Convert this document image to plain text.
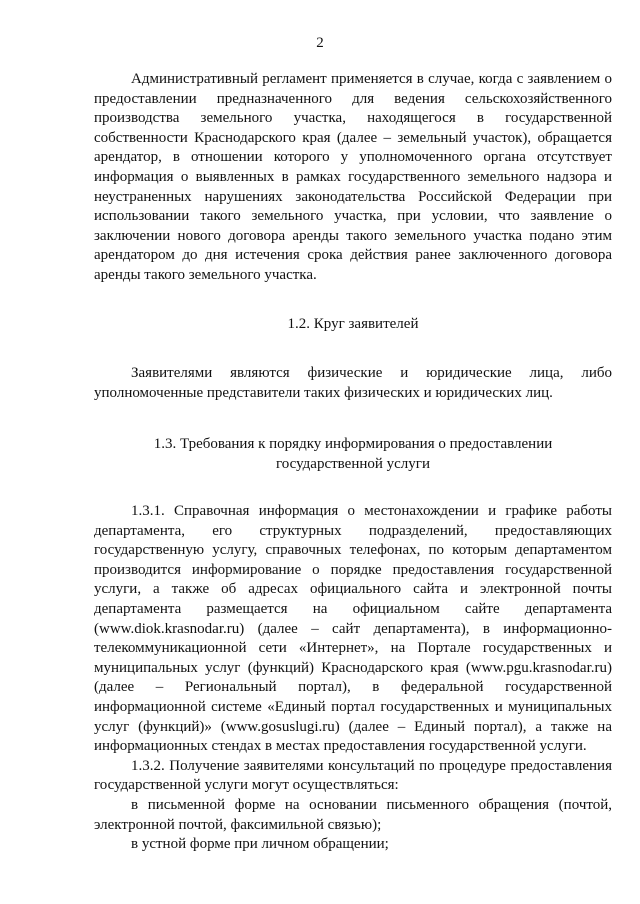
2

Административный регламент применяется в случае, когда с заявлением о предоставлении предназначенного для ведения сельскохозяйственного производства земельного участка, находящегося в государственной собственности Краснодарского края (далее – земельный участок), обращается арендатор, в отношении которого у уполномоченного органа отсутствует информация о выявленных в рамках государственного земельного надзора и неустраненных нарушениях законодательства Российской Федерации при использовании такого земельного участка, при условии, что заявление о заключении нового договора аренды такого земельного участка подано этим арендатором до дня истечения срока действия ранее заключенного договора аренды такого земельного участка.

1.2. Круг заявителей

Заявителями являются физические и юридические лица, либо уполномоченные представители таких физических и юридических лиц.

1.3. Требования к порядку информирования о предоставлении
государственной услуги

1.3.1. Справочная информация о местонахождении и графике работы департамента, его структурных подразделений, предоставляющих государственную услугу, справочных телефонах, по которым департаментом производится информирование о порядке предоставления государственной услуги, а также об адресах официального сайта и электронной почты департамента размещается на официальном сайте департамента (www.diok.krasnodar.ru) (далее – сайт департамента), в информационно-телекоммуникационной сети «Интернет», на Портале государственных и муниципальных услуг (функций) Краснодарского края (www.pgu.krasnodar.ru) (далее – Региональный портал), в федеральной государственной информационной системе «Единый портал государственных и муниципальных услуг (функций)» (www.gosuslugi.ru) (далее – Единый портал), а также на информационных стендах в местах предоставления государственной услуги.

1.3.2. Получение заявителями консультаций по процедуре предоставления государственной услуги могут осуществляться:

в письменной форме на основании письменного обращения (почтой, электронной почтой, факсимильной связью);

в устной форме при личном обращении;
